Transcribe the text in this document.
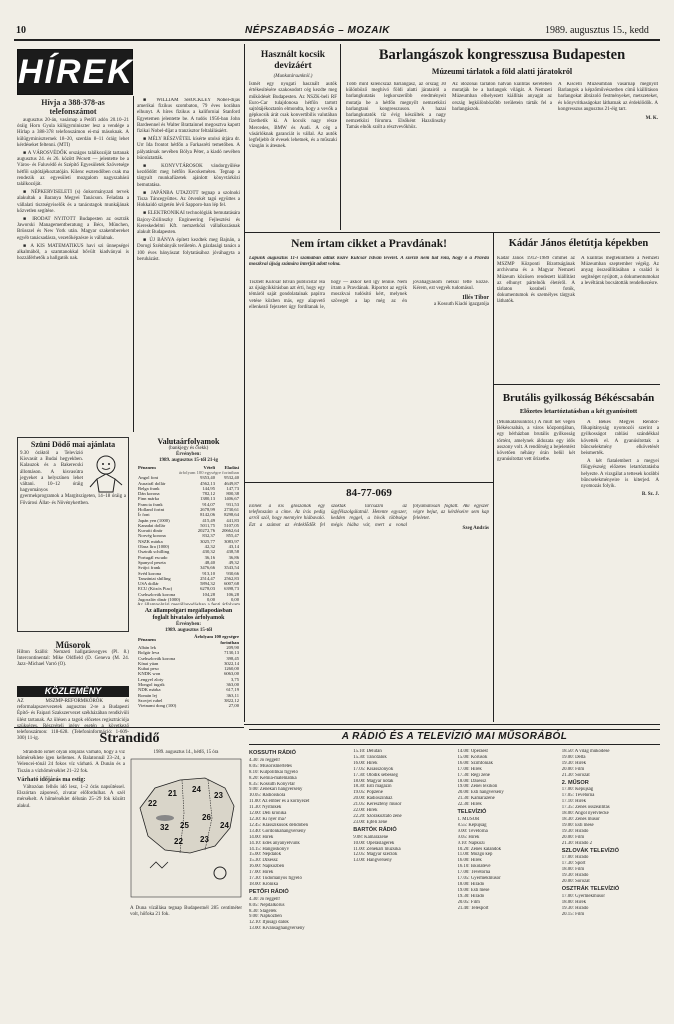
10	NÉPSZABADSÁG – MOZAIK	1989. augusztus 15., kedd
HÍREK
Hívja a 388-378-as telefonszámot

augusztus 20-án, vasárnap a Petőfi adón 20.10–21 óráig Horn Gyula külügyminiszter lesz a vendége a Hírlap a 388-378 telefonszámon ei-má másoknak. A külügyminiszternek 18–20, szerdán 8–11 óráig lehet kérdéseket feltenni. (MTI)

■ A VÁROSVÉDŐK országos találkozóját tartanak augusztus 24. és 26. között Pécsett — jelentette be a Város- és Faluvédő és Szépítő Egyesületek Szövetsége hétfői sajtótájékoztatóján. Kilenc esztendőben csak ma rendezik az egyesületi mozgalom nagyszabású találkozóját.

■ NÉPKERVISELETI (s) önkormányzati tervek alakultak a Baranya Megyei Tanácson. Feladata a vállalati tisztségviselők és a tanácstagok munkájának közvetlen segítése.

■ IRODAT NYITOTT Budapesten az osztrák Jaworski Managementberatung a Bécs, München, Brüsszel és New York után. Magyar szakembereket egyéb tanácsadásra, vezetőképzésre is vállalnak.

■ A KIS MATEMATIKUS havi szi ünnepségei alkalmából, a szamtanokkal bővült kiadványai is hozzáférhetők a hallgatók nak.

■ WILLIAM SHOCKLEY Nobel-díjas amerikai fizikus szombaton, 79 éves korában elhunyt. A híres fizikus a kaliforniai Stanford Egyetemen jelentette be. A tudós 1956-ban John Bardeennel és Walter Brattainnel megosztva kapott fizikai Nobel-díjat a tranzisztor feltalálásáért.

■ MÉLY RÉSZVÉTEL kísérte utolsó útjára dr. Urr Ida frontot hétfőn a Farkasréti temetőben. A pályatársak nevében Bólya Péter, a kiadó nevében búcsúztatták.

■ KONYVTÁROSOK vándorgyűlése kezdődött meg hétfőn Kecskeméten. Tegnap a tárgyalt munkafüzetek ajánlott könyvtárközi bemutatása.

■ JAPÁNBA UTAZOTT tegnap a szolnoki Tisza Táncegyüttes. Az ötvenkét tagú együttes a Hokkaidó szigetén lévő Sapporo-ban lép fel.

■ ELEKTRONIKAI technológiák bemutatására Bajcsy-Zsilinszky Engineering Fejlesztési és Kereskedelmi Kft. nemzetközi vállalkozásnak alakult Budapesten.

■ ÚJ BÁNYA épített kezdtek meg Bajnán, a Dorogi Szénbányák területén. A gázdasági tanács a 100 éves bányászat folytatásához jóváhagyta a beruházást.

Szüni Dödő mai ajánlata
9.30 óráktól a Televízió Kisvasút a Budai hegyekben. Kalauzok és a Bakerecski állomáson. A kisvasútra jegyeket a helyszínen lehet váltani. 10–12 óráig hagyományos gyermekprogramok a Margitszigeten, 14–18 óráig a Fővárosi Állat- és Növénykertben.
Műsorok
Hilton Szálló: Nemzeti hallgatásvegyes (Pl. 8.) Intercontinental: Mike Oldfield (D. Geneva (M. 24. Jazz–Michael Varró (O).
KÖZLEMÉNY
AZ MSZMP-REFORMKÖRÖK és reformalapszervezetek augusztus 2-re a Budapesti Építő- és Faipari Szakszervezet székházában rendkívüli ülést tartanak. Az ülésen a tagok előzetes regisztrációja telefonszámon: 118-628. (Telefoninformáció: 1-609-300) 11-ig.	Strandidő

Strandidő ismét olyan időjárás várható, hogy a víz hőmérséklete igen kellemes. A Balatonnál 23–24, a Velencei-tónál 24 fokos víz várható. A Dunán és a Tiszán a vízhőmérséklet 21–22 fok.

Várható időjárás ma estig:

Változóan felhős idő lesz, 1–2 órás napsütéssel. Elszórtan záporeső, zivatar előfordulhat. A szél mérsékelt. A hőmérséklet délután 25–29 fok között alakul.

1989. augusztus 14., hétfő, 15 óra
22
21 24
23
32 25
26
24
22 23
A Duna vízállása tegnap Budapestnél 285 centiméter volt, hőfoka 21 fok.
Használt kocsik devizáért
(Munkatársunktól.)
Ismét egy nyugati használt autók értékesítésére szakosodott cég kezdte meg működését Budapesten. Az NSZK-beli RF Euro-Car tulajdonosa hétfőn tartott sajtótájékoztatón elmondta, hogy a vevők a gépkocsik árát csak konvertibilis valutában fizethetik ki. A kocsik nagy része Mercedes, BMW és Audi. A cég a vásárlóknak garanciát is vállal. Az autók legfeljebb öt évesek lehetnek, és a műszaki vizsgán is átesnek.
Barlangászok kongresszusa Budapesten
Múzeumi tárlatok a föld alatti járatokról
Több mint kilencszáz barlangász, az ország 30 különböző meghívó földi alatti járatairól a barlangkutatás legkorszerűbb eredményeit mutatja be a hétfőn megnyílt nemzetközi barlangtani kongresszuson. A hazai barlangkutatók tíz évig készültek a nagy nemzetközi fórumra. Elsőként Hazslinszky Tamás elnök szólt a résztvevőkhöz.
Az időzonai tárlaton hatvan kiállítás keretében mutatják be a barlangok világát. A Nemzeti Múzeumban elhelyezett kiállítás anyagát az ország legkülönbözőbb területein tárták fel a barlangászok.
A Kiscelli Múzeumban vasárnap megnyílt Barlangok a képzőművészetben című kiállításon barlangokat ábrázoló festményeket, metszeteket, és könyvritkaságokat láthatnak az érdeklődők. A kongresszus augusztus 21-éig tart.
M. K.
Nem írtam cikket a Pravdának!
Lapunk augusztus 11-i számában adtuk közre Kulcsár István levelét. A szerző nem tud róla, hogy ő a Pravda moszkvai újság számára interjút adott volna.
Tisztelt Kulcsár István publicista! Ha az újságcikkírásban azt érti, hogy egy témáról saját gondolatainak papírra vetése közben más, egy alapvető ellenkező fejezetet úgy fordítanak le, hogy — akkor kell így lennie. Nem írtam a Pravdának. Riportot az egyik moszkvai tudósító kért, melynek szövegét a lap még az én jóváhagyásom nélkül tette közzé. Kérem, ezt vegyék tudomásul.
Illés Tibor
a Kossuth Kiadó igazgatója
Kádár János életútja képekben
Kádár János 1912–1989 címmel az MSZMP Központi Bizottságának archívuma és a Magyar Nemzeti Múzeum közösen rendezett kiállítást az elhunyt pártelnök életéről. A tárlaton korabeli fotók, dokumentumok és személyes tárgyak láthatók.
A kiállítás megtekinthető a Nemzeti Múzeumban szeptember végéig. Az anyag összeállításában a család is segítséget nyújtott, a dokumentumokat a levéltárak bocsátották rendelkezésre.
Brutális gyilkosság Békéscsabán
Előzetes letartóztatásban a két gyanúsított
(Munkatársunktól.) A múlt hét végén Békéscsabán, a város központjában, egy bérházban brutális gyilkosság történt, amelynek áldozata egy idős asszony volt. A rendőrség a bejelentést követően néhány órán belül két gyanúsítottat vett őrizetbe.

A Békés Megyei Rendőr-főkapitányság nyomozói szerint a gyilkosságot rablási szándékkal követték el. A gyanúsítottak a bűncselekmény elkövetését beismerték.

A két fiatalembert a megyei főügyészség előzetes letartóztatásba helyezte. A vizsgálat a tettesek korábbi bűncselekményeire is kiterjed. A nyomozás folyik.

B. Sz. J.
84-77-069
Ennek a kis gloszának egy telefonszám a címe. Az írás pedig arról szól, hogy mennyire hiábavaló. Ezt a számot az érdeklődők fel szokták tárcsázni az ügyfélszolgálatnál. Hetente egyszer, kedden reggel, a hívók többsége mégis hiába vár, mert a vonal folyamatosan foglalt. Aki egyszer végre bejut, az kérdéseire sem kap feleletet.
Szeg András
Valutaárfolyamok
(bankjegy és csekk)
Érvényben:
1989. augusztus 15-től 21-ig
Pénznem	Vételi	Eladási
árfolyam 100 egységre forintban		
Angol font	9353,40	9532,40
Ausztrál dollár	4562,13	4649,87
Belga frank	144,95	147,73
Dán korona	782,12	800,38
Finn márka	1380,13	1406,67
Francia frank	914,07	931,53
Holland forint	2678,99	2730,61
Ír font	8142,06	8298,64
Japán yen (1000)	415,49	441,83
Kanadai dollár	5011,75	5107,05
Kuvaiti dinár	20272,76	20662,64
Norvég korona	832,37	855,47
NSZK márka	3025,77	3083,97
Olasz líra (1000)	42,32	43,14
Osztrák schilling	430,32	438,58
Portugál escudo	36,16	36,86
Spanyol peseta	48,40	49,32
Svájci frank	3476,66	3543,54
Svéd korona	913,10	930,66
Tanzániai shilling	2514,47	2562,83
USA dollár	5894,32	6007,68
ECU (Közös Piac)	6278,03	6398,73
Csehszlovák korona	104,28	106,28
Jugoszláv dinár (1000)	0,00	0,00
Az állampolgári megállapodásban foglalt hivatalos árfolyamok
Érvényben:
1989. augusztus 15-től
Pénznem	Árfolyam 100 egységre forintban
Albán lek	209,90
Bolgár leva	7130,13
Csehszlovák korona	398,45
Kínai yüan	3022,14
Kubai peso	1260,00
KNDK won	6063,00
Lengyel zloty	3,75
Mongol tugrik	363,00
NDK márka	617,19
Román lej	363,11
Szovjet rubel	3822,12
Vietnami dong (100)	27,00
A RÁDIÓ ÉS A TELEVÍZIÓ MAI MŰSORÁBÓL
KOSSUTH RÁDIÓ
4.30: Jó reggelt!
8.05: Műsorismertetés
8.10: Külpolitikai figyelő
8.20: Kémia-matematika
8.35: Kossuth Konyvtár
9.00: Zenekari hangverseny
10.05: Rádióiskola
11.00: Az ember és a környezet
11.30: Nyitnikék
12.00: Déli krónika
12.30: Ki nyer ma?
12.45: Klasszikusok délidőben
13.40: Gordonkahangverseny
14.00: Hírek
14.10: Édes anyanyelvünk
14.15: Hangoskönyv
15.00: Népdalok
15.30: Dzsessz
16.00: Napközben
17.00: Hírek
17.30: Tudományos figyelő
18.00: Krónika
PETŐFI RÁDIÓ
4.30: Jó reggelt!
8.05: Népdalkórus
8.30: Slágerek
9.00: Napközben
12.10: Ifjúsági dalok
13.00: Kívánsághangverseny
15.10: Délután
15.30: Táncdalok
16.00: Hírek
17.05: Kisasszonyok
17.30: Ötödik sebesség
18.00: Magyar nóták
18.30: Esti magazin
19.05: Popzene
20.00: Rádiószínház
21.05: Keresztény műsor
22.00: Hírek
22.20: Szórakoztató zene
23.00: Éjféli zene
BARTÓK RÁDIÓ
9.08: Kamarazene
10.00: Operaslágerek
11.00: Zenekari muzsika
12.05: Magyar szerzők
13.00: Hangverseny
14.00: Operaest
15.00: Kórusok
16.00: Szimfóniák
17.00: Hírek
17.30: Régi zene
18.00: Dzsessz
19.00: Zenei lexikon
20.00: Esti hangverseny
21.30: Kamarazene
22.30: Hírek
TELEVÍZIÓ
1. MŰSOR
8.55: Képújság
9.00: Tévétorna
9.05: Hírek
9.10: Napközi
10.20: Zenés kalandok
11.00: Mozgó kép
16.00: Hírek
16.10: Iskolatévé
17.00: Tévétorna
17.05: Gyermekműsor
18.00: Híradó
19.00: Esti mese
19.30: Híradó
20.05: Film
21.40: Telesport
18.50: A világ működése
19.00: Delta
19.30: Hírek
20.00: Film
21.30: Sorozat
2. MŰSOR
17.00: Képújság
17.05: Tévétorna
17.10: Hírek
17.35: Zenés összeállítás
18.00: Angol nyelvlecke
18.30: Zenés műsor
19.00: Esti mese
19.30: Híradó
20.00: Film
21.30: Híradó 2
SZLOVÁK TELEVÍZIÓ
17.00: Híradó
17.30: Sport
18.00: Film
19.30: Híradó
20.00: Sorozat
OSZTRÁK TELEVÍZIÓ
17.00: Gyermekműsor
18.00: Hírek
19.30: Híradó
20.15: Film
